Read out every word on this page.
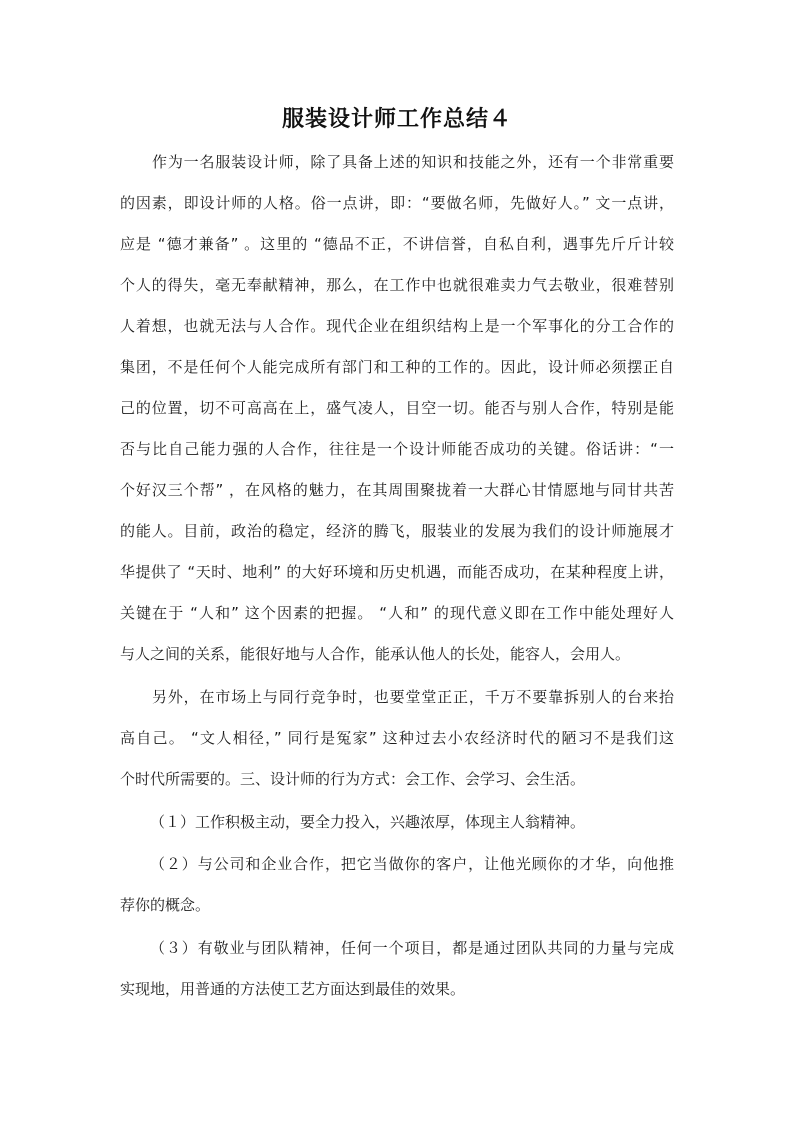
服装设计师工作总结４
作为一名服装设计师，除了具备上述的知识和技能之外，还有一个非常重要
的因素，即设计师的人格。俗一点讲，即：“要做名师，先做好人。” 文一点讲，
应是 “德才兼备” 。这里的 “德品不正，不讲信誉，自私自利，遇事先斤斤计较
个人的得失，毫无奉献精神，那么，在工作中也就很难卖力气去敬业，很难替别
人着想，也就无法与人合作。现代企业在组织结构上是一个军事化的分工合作的
集团，不是任何个人能完成所有部门和工种的工作的。因此，设计师必须摆正自
己的位置，切不可高高在上，盛气凌人，目空一切。能否与别人合作，特别是能
否与比自己能力强的人合作，往往是一个设计师能否成功的关键。俗话讲：“一
个好汉三个帮” ，在风格的魅力，在其周围聚拢着一大群心甘情愿地与同甘共苦
的能人。目前，政治的稳定，经济的腾飞，服装业的发展为我们的设计师施展才
华提供了 “天时、地利” 的大好环境和历史机遇，而能否成功，在某种程度上讲，
关键在于 “人和” 这个因素的把握。 “人和” 的现代意义即在工作中能处理好人
与人之间的关系，能很好地与人合作，能承认他人的长处，能容人，会用人。
另外，在市场上与同行竞争时，也要堂堂正正，千万不要靠拆别人的台来抬
高自己。 “文人相径，” 同行是冤家” 这种过去小农经济时代的陋习不是我们这
个时代所需要的。三、设计师的行为方式：会工作、会学习、会生活。
（１）工作积极主动，要全力投入，兴趣浓厚，体现主人翁精神。
（２）与公司和企业合作，把它当做你的客户，让他光顾你的才华，向他推
荐你的概念。
（３）有敬业与团队精神，任何一个项目，都是通过团队共同的力量与完成
实现地，用普通的方法使工艺方面达到最佳的效果。
